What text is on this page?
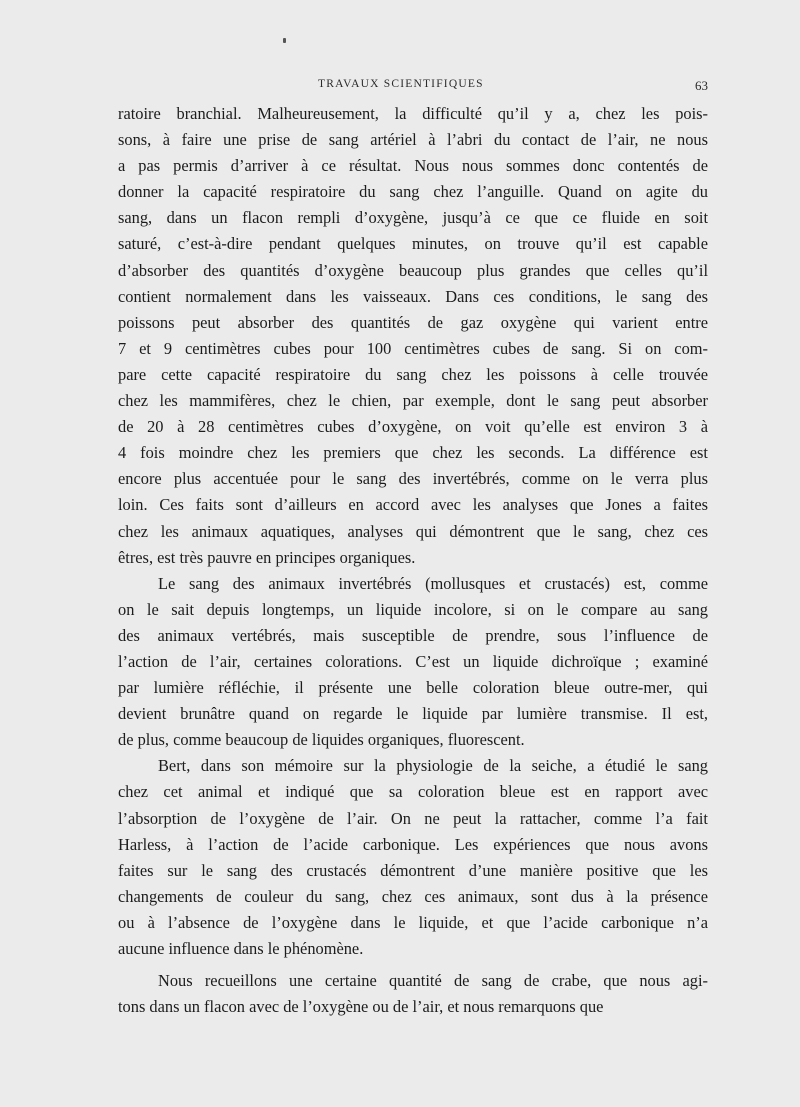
TRAVAUX SCIENTIFIQUES	63
ratoire branchial. Malheureusement, la difficulté qu’il y a, chez les pois-
sons, à faire une prise de sang artériel à l’abri du contact de l’air, ne nous
a pas permis d’arriver à ce résultat. Nous nous sommes donc contentés de
donner la capacité respiratoire du sang chez l’anguille. Quand on agite du
sang, dans un flacon rempli d’oxygène, jusqu’à ce que ce fluide en soit
saturé, c’est-à-dire pendant quelques minutes, on trouve qu’il est capable
d’absorber des quantités d’oxygène beaucoup plus grandes que celles qu’il
contient normalement dans les vaisseaux. Dans ces conditions, le sang des
poissons peut absorber des quantités de gaz oxygène qui varient entre
7 et 9 centimètres cubes pour 100 centimètres cubes de sang. Si on com-
pare cette capacité respiratoire du sang chez les poissons à celle trouvée
chez les mammifères, chez le chien, par exemple, dont le sang peut absorber
de 20 à 28 centimètres cubes d’oxygène, on voit qu’elle est environ 3 à
4 fois moindre chez les premiers que chez les seconds. La différence est
encore plus accentuée pour le sang des invertébrés, comme on le verra plus
loin. Ces faits sont d’ailleurs en accord avec les analyses que Jones a faites
chez les animaux aquatiques, analyses qui démontrent que le sang, chez ces
êtres, est très pauvre en principes organiques.
Le sang des animaux invertébrés (mollusques et crustacés) est, comme
on le sait depuis longtemps, un liquide incolore, si on le compare au sang
des animaux vertébrés, mais susceptible de prendre, sous l’influence de
l’action de l’air, certaines colorations. C’est un liquide dichroïque ; examiné
par lumière réfléchie, il présente une belle coloration bleue outre-mer, qui
devient brunâtre quand on regarde le liquide par lumière transmise. Il est,
de plus, comme beaucoup de liquides organiques, fluorescent.
Bert, dans son mémoire sur la physiologie de la seiche, a étudié le sang
chez cet animal et indiqué que sa coloration bleue est en rapport avec
l’absorption de l’oxygène de l’air. On ne peut la rattacher, comme l’a fait
Harless, à l’action de l’acide carbonique. Les expériences que nous avons
faites sur le sang des crustacés démontrent d’une manière positive que les
changements de couleur du sang, chez ces animaux, sont dus à la présence
ou à l’absence de l’oxygène dans le liquide, et que l’acide carbonique n’a
aucune influence dans le phénomène.
Nous recueillons une certaine quantité de sang de crabe, que nous agi-
tons dans un flacon avec de l’oxygène ou de l’air, et nous remarquons que
